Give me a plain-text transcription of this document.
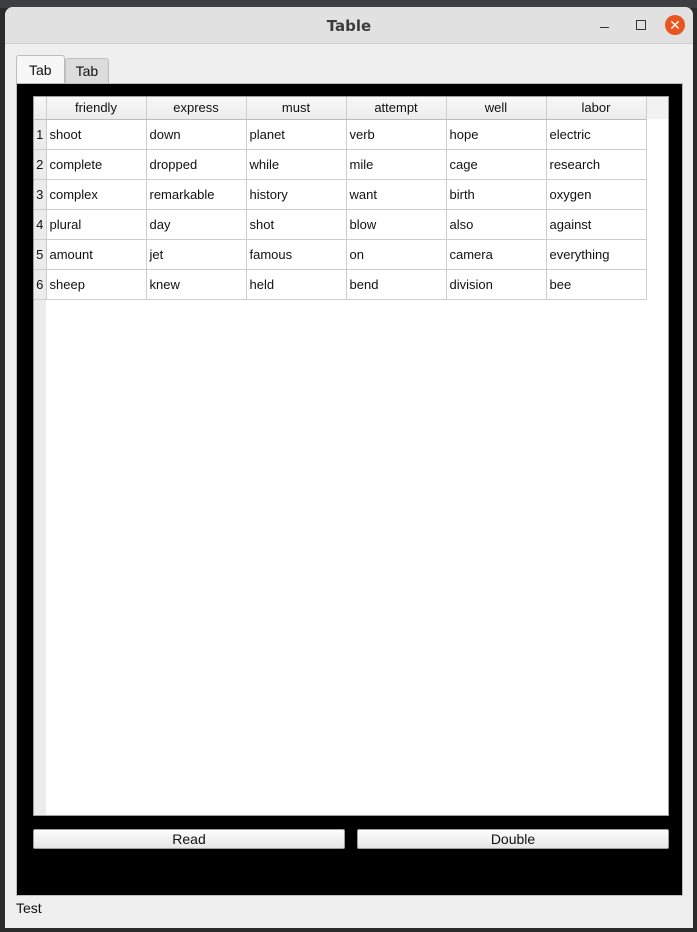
Table	✕
Tab	Tab
	friendly	express	must	attempt	well	labor
1	shoot	down	planet	verb	hope	electric
2	complete	dropped	while	mile	cage	research
3	complex	remarkable	history	want	birth	oxygen
4	plural	day	shot	blow	also	against
5	amount	jet	famous	on	camera	everything
6	sheep	knew	held	bend	division	bee
Read	Double
Test
